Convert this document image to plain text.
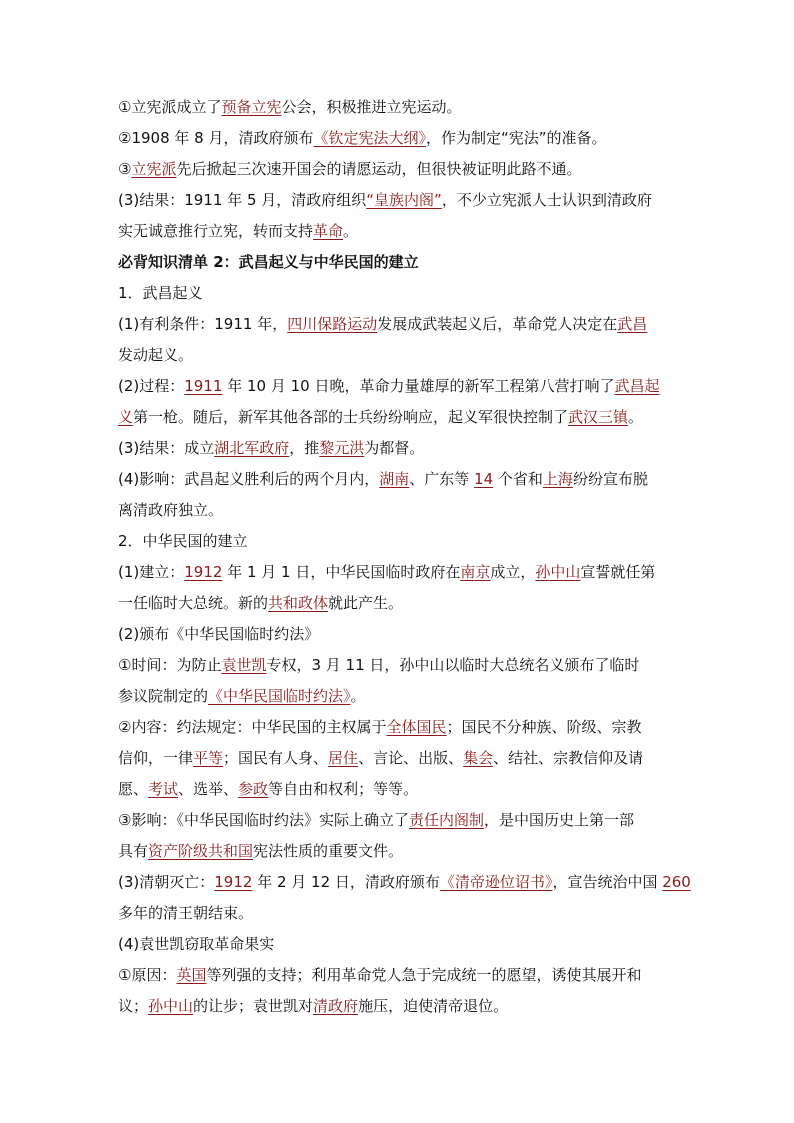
①立宪派成立了预备立宪公会，积极推进立宪运动。
②1908 年 8 月，清政府颁布《钦定宪法大纲》，作为制定“宪法”的准备。
③立宪派先后掀起三次速开国会的请愿运动，但很快被证明此路不通。
(3)结果：1911 年 5 月，清政府组织“皇族内阁”，不少立宪派人士认识到清政府
实无诚意推行立宪，转而支持革命。
必背知识清单 2：武昌起义与中华民国的建立
1．武昌起义
(1)有利条件：1911 年，四川保路运动发展成武装起义后，革命党人决定在武昌
发动起义。
(2)过程：1911 年 10 月 10 日晚，革命力量雄厚的新军工程第八营打响了武昌起
义第一枪。随后，新军其他各部的士兵纷纷响应，起义军很快控制了武汉三镇。
(3)结果：成立湖北军政府，推黎元洪为都督。
(4)影响：武昌起义胜利后的两个月内，湖南、广东等 14 个省和上海纷纷宣布脱
离清政府独立。
2．中华民国的建立
(1)建立：1912 年 1 月 1 日，中华民国临时政府在南京成立，孙中山宣誓就任第
一任临时大总统。新的共和政体就此产生。
(2)颁布《中华民国临时约法》
①时间：为防止袁世凯专权，3 月 11 日，孙中山以临时大总统名义颁布了临时
参议院制定的《中华民国临时约法》。
②内容：约法规定：中华民国的主权属于全体国民；国民不分种族、阶级、宗教
信仰，一律平等；国民有人身、居住、言论、出版、集会、结社、宗教信仰及请
愿、考试、选举、参政等自由和权利；等等。
③影响：《中华民国临时约法》实际上确立了责任内阁制，是中国历史上第一部
具有资产阶级共和国宪法性质的重要文件。
(3)清朝灭亡：1912 年 2 月 12 日，清政府颁布《清帝逊位诏书》，宣告统治中国 260
多年的清王朝结束。
(4)袁世凯窃取革命果实
①原因：英国等列强的支持；利用革命党人急于完成统一的愿望，诱使其展开和
议；孙中山的让步；袁世凯对清政府施压，迫使清帝退位。
